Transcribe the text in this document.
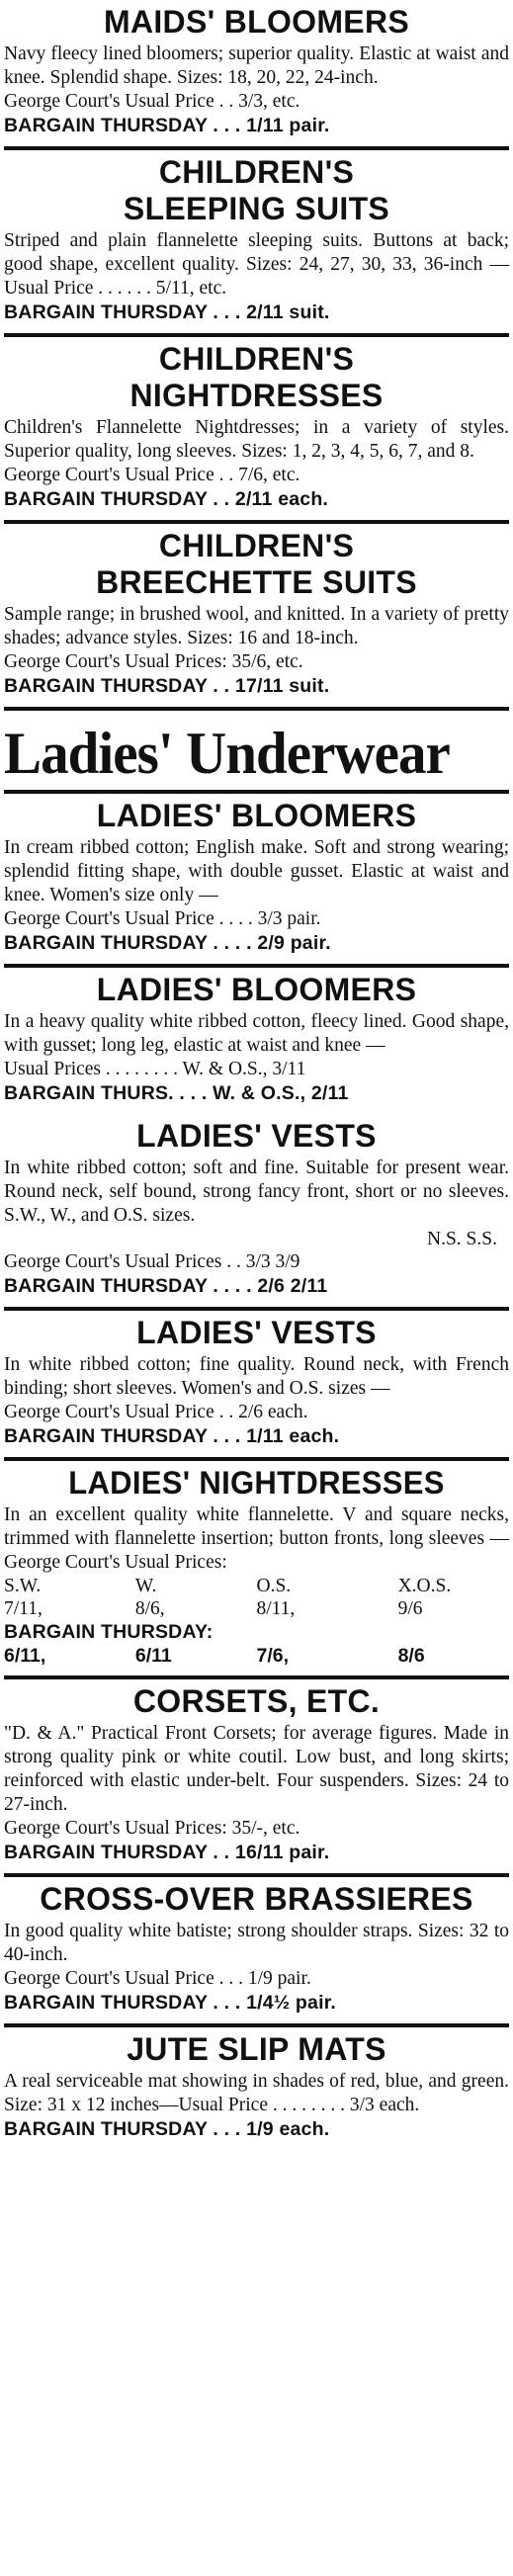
MAIDS' BLOOMERS

Navy fleecy lined bloomers; superior quality. Elastic at waist and knee. Splendid shape. Sizes: 18, 20, 22, 24-inch.

George Court's Usual Price . . 3/3, etc.

BARGAIN THURSDAY . . . 1/11 pair.

CHILDREN'S
SLEEPING SUITS

Striped and plain flannelette sleeping suits. Buttons at back; good shape, excellent quality. Sizes: 24, 27, 30, 33, 36-inch — Usual Price . . . . . . 5/11, etc.

BARGAIN THURSDAY . . . 2/11 suit.

CHILDREN'S
NIGHTDRESSES

Children's Flannelette Nightdresses; in a variety of styles. Superior quality, long sleeves. Sizes: 1, 2, 3, 4, 5, 6, 7, and 8.

George Court's Usual Price . . 7/6, etc.

BARGAIN THURSDAY . . 2/11 each.

CHILDREN'S
BREECHETTE SUITS

Sample range; in brushed wool, and knitted. In a variety of pretty shades; advance styles. Sizes: 16 and 18-inch.

George Court's Usual Prices: 35/6, etc.

BARGAIN THURSDAY . . 17/11 suit.

Ladies' Underwear
LADIES' BLOOMERS

In cream ribbed cotton; English make. Soft and strong wearing; splendid fitting shape, with double gusset. Elastic at waist and knee. Women's size only —

George Court's Usual Price . . . . 3/3 pair.

BARGAIN THURSDAY . . . . 2/9 pair.

LADIES' BLOOMERS

In a heavy quality white ribbed cotton, fleecy lined. Good shape, with gusset; long leg, elastic at waist and knee —

Usual Prices . . . . . . . . W. & O.S., 3/11

BARGAIN THURS. . . . W. & O.S., 2/11

LADIES' VESTS

In white ribbed cotton; soft and fine. Suitable for present wear. Round neck, self bound, strong fancy front, short or no sleeves. S.W., W., and O.S. sizes.

N.S. S.S.

George Court's Usual Prices . . 3/3 3/9

BARGAIN THURSDAY . . . . 2/6 2/11

LADIES' VESTS

In white ribbed cotton; fine quality. Round neck, with French binding; short sleeves. Women's and O.S. sizes —

George Court's Usual Price . . 2/6 each.

BARGAIN THURSDAY . . . 1/11 each.

LADIES' NIGHTDRESSES

In an excellent quality white flannelette. V and square necks, trimmed with flannelette insertion; button fronts, long sleeves — George Court's Usual Prices:

S.W.	W.	O.S.	X.O.S.
7/11,	8/6,	8/11,	9/6

BARGAIN THURSDAY:

6/11,	6/11	7/6,	8/6
CORSETS, ETC.

"D. & A." Practical Front Corsets; for average figures. Made in strong quality pink or white coutil. Low bust, and long skirts; reinforced with elastic under-belt. Four suspenders. Sizes: 24 to 27-inch.

George Court's Usual Prices: 35/-, etc.

BARGAIN THURSDAY . . 16/11 pair.

CROSS-OVER BRASSIERES

In good quality white batiste; strong shoulder straps. Sizes: 32 to 40-inch.

George Court's Usual Price . . . 1/9 pair.

BARGAIN THURSDAY . . . 1/4½ pair.

JUTE SLIP MATS

A real serviceable mat showing in shades of red, blue, and green. Size: 31 x 12 inches—Usual Price . . . . . . . . 3/3 each.

BARGAIN THURSDAY . . . 1/9 each.
